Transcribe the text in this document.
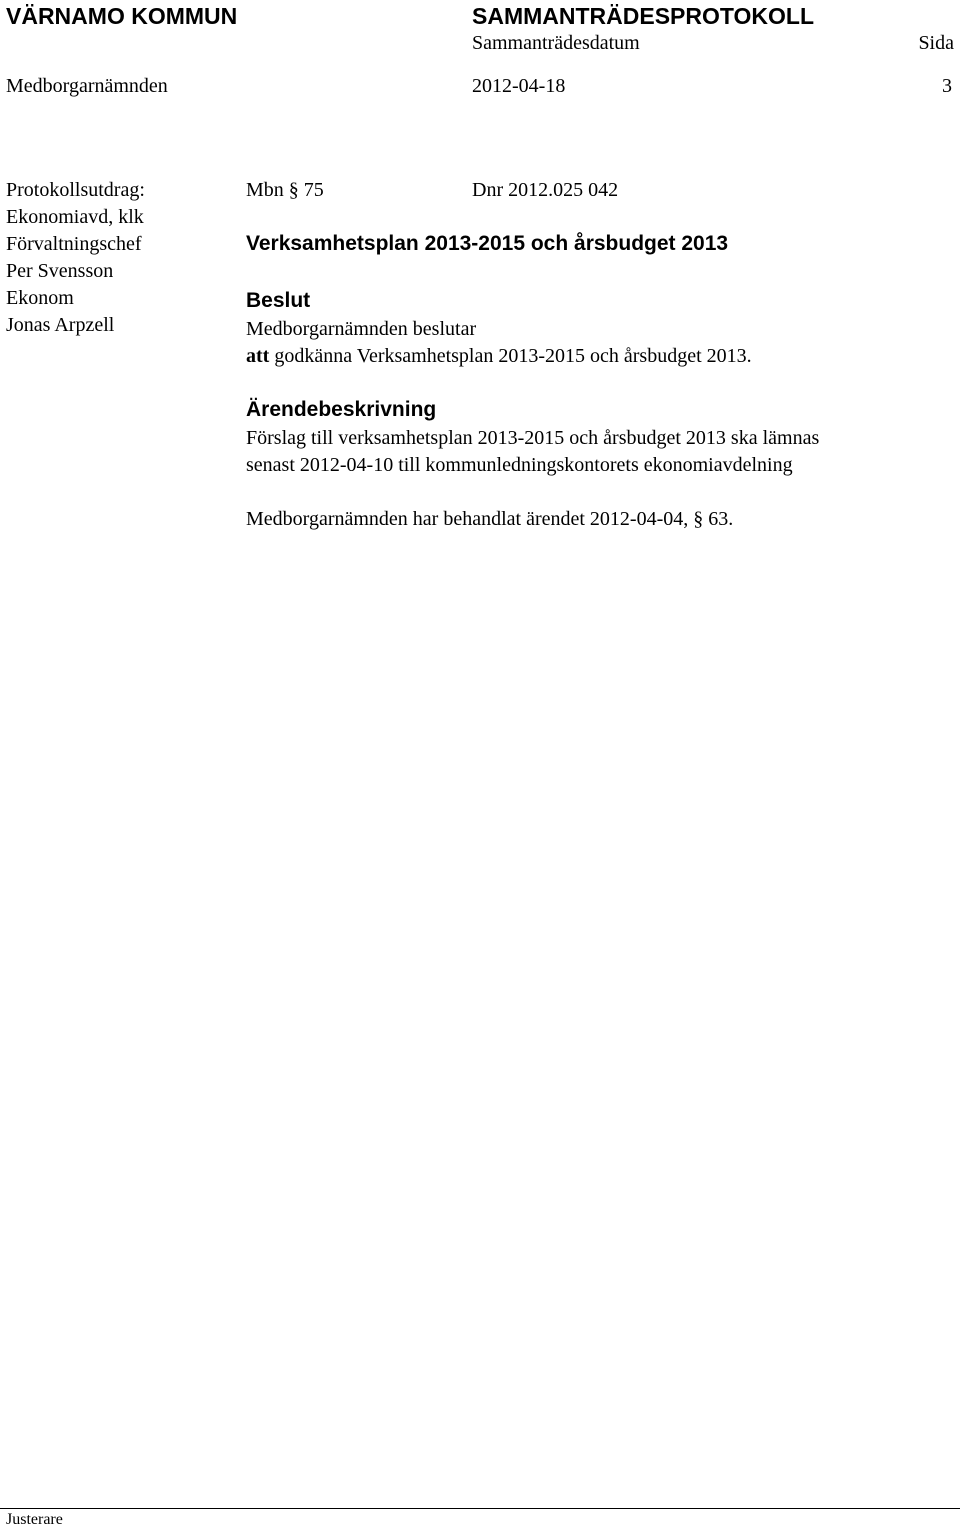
VÄRNAMO KOMMUN	SAMMANTRÄDESPROTOKOLL
Sammanträdesdatum	Sida
Medborgarnämnden	2012-04-18	3
Protokollsutdrag:
Ekonomiavd, klk
Förvaltningschef
Per Svensson
Ekonom
Jonas Arpzell
Mbn § 75	Dnr 2012.025 042
Verksamhetsplan 2013-2015 och årsbudget 2013
Beslut
Medborgarnämnden beslutar
att godkänna Verksamhetsplan 2013-2015 och årsbudget 2013.
Ärendebeskrivning
Förslag till verksamhetsplan 2013-2015 och årsbudget 2013 ska lämnas
senast 2012-04-10 till kommunledningskontorets ekonomiavdelning
Medborgarnämnden har behandlat ärendet 2012-04-04, § 63.
Justerare
